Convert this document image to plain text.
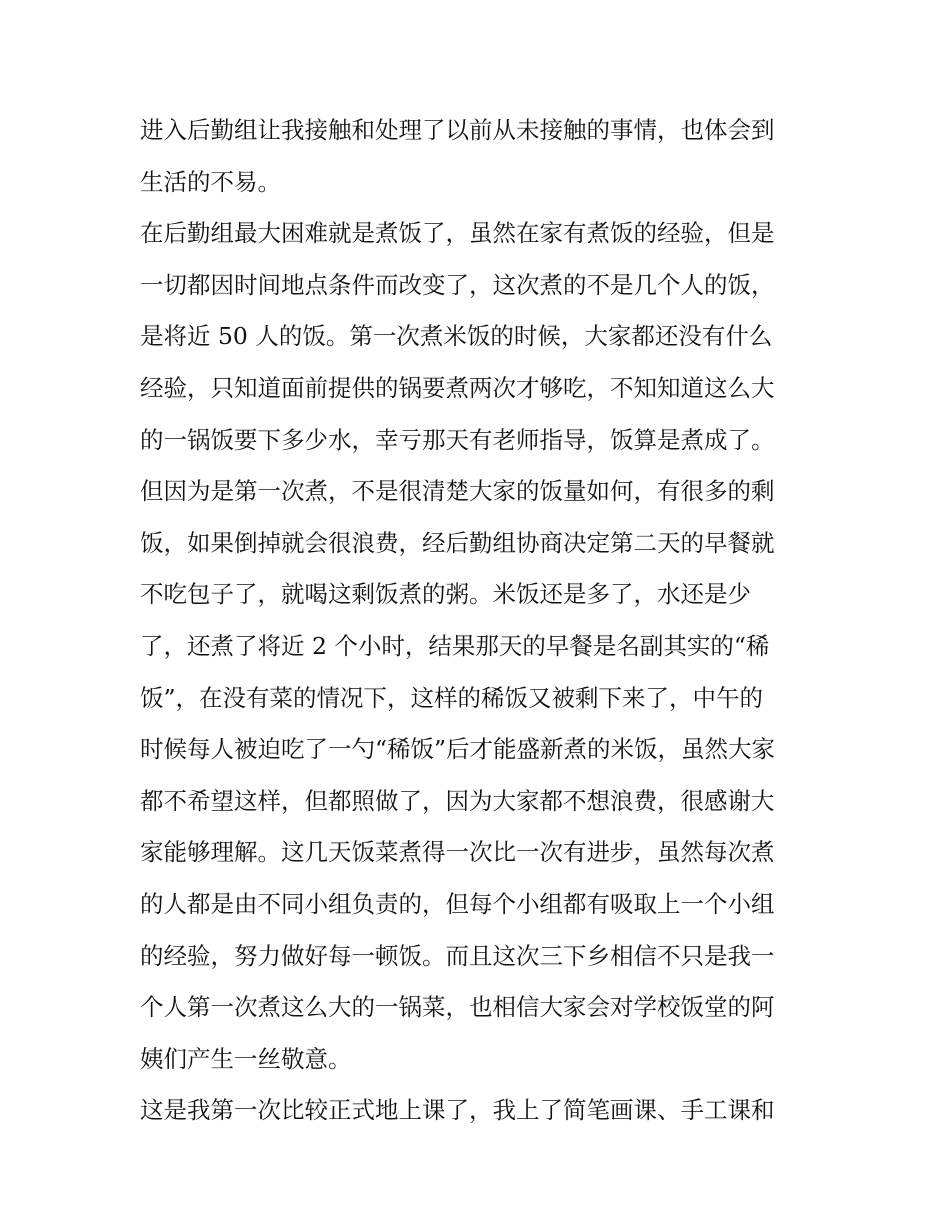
进入后勤组让我接触和处理了以前从未接触的事情，也体会到
生活的不易。
在后勤组最大困难就是煮饭了，虽然在家有煮饭的经验，但是
一切都因时间地点条件而改变了，这次煮的不是几个人的饭，
是将近 50 人的饭。第一次煮米饭的时候，大家都还没有什么
经验，只知道面前提供的锅要煮两次才够吃，不知知道这么大
的一锅饭要下多少水，幸亏那天有老师指导，饭算是煮成了。
但因为是第一次煮，不是很清楚大家的饭量如何，有很多的剩
饭，如果倒掉就会很浪费，经后勤组协商决定第二天的早餐就
不吃包子了，就喝这剩饭煮的粥。米饭还是多了，水还是少
了，还煮了将近 2 个小时，结果那天的早餐是名副其实的“稀
饭”，在没有菜的情况下，这样的稀饭又被剩下来了，中午的
时候每人被迫吃了一勺“稀饭”后才能盛新煮的米饭，虽然大家
都不希望这样，但都照做了，因为大家都不想浪费，很感谢大
家能够理解。这几天饭菜煮得一次比一次有进步，虽然每次煮
的人都是由不同小组负责的，但每个小组都有吸取上一个小组
的经验，努力做好每一顿饭。而且这次三下乡相信不只是我一
个人第一次煮这么大的一锅菜，也相信大家会对学校饭堂的阿
姨们产生一丝敬意。
这是我第一次比较正式地上课了，我上了简笔画课、手工课和
